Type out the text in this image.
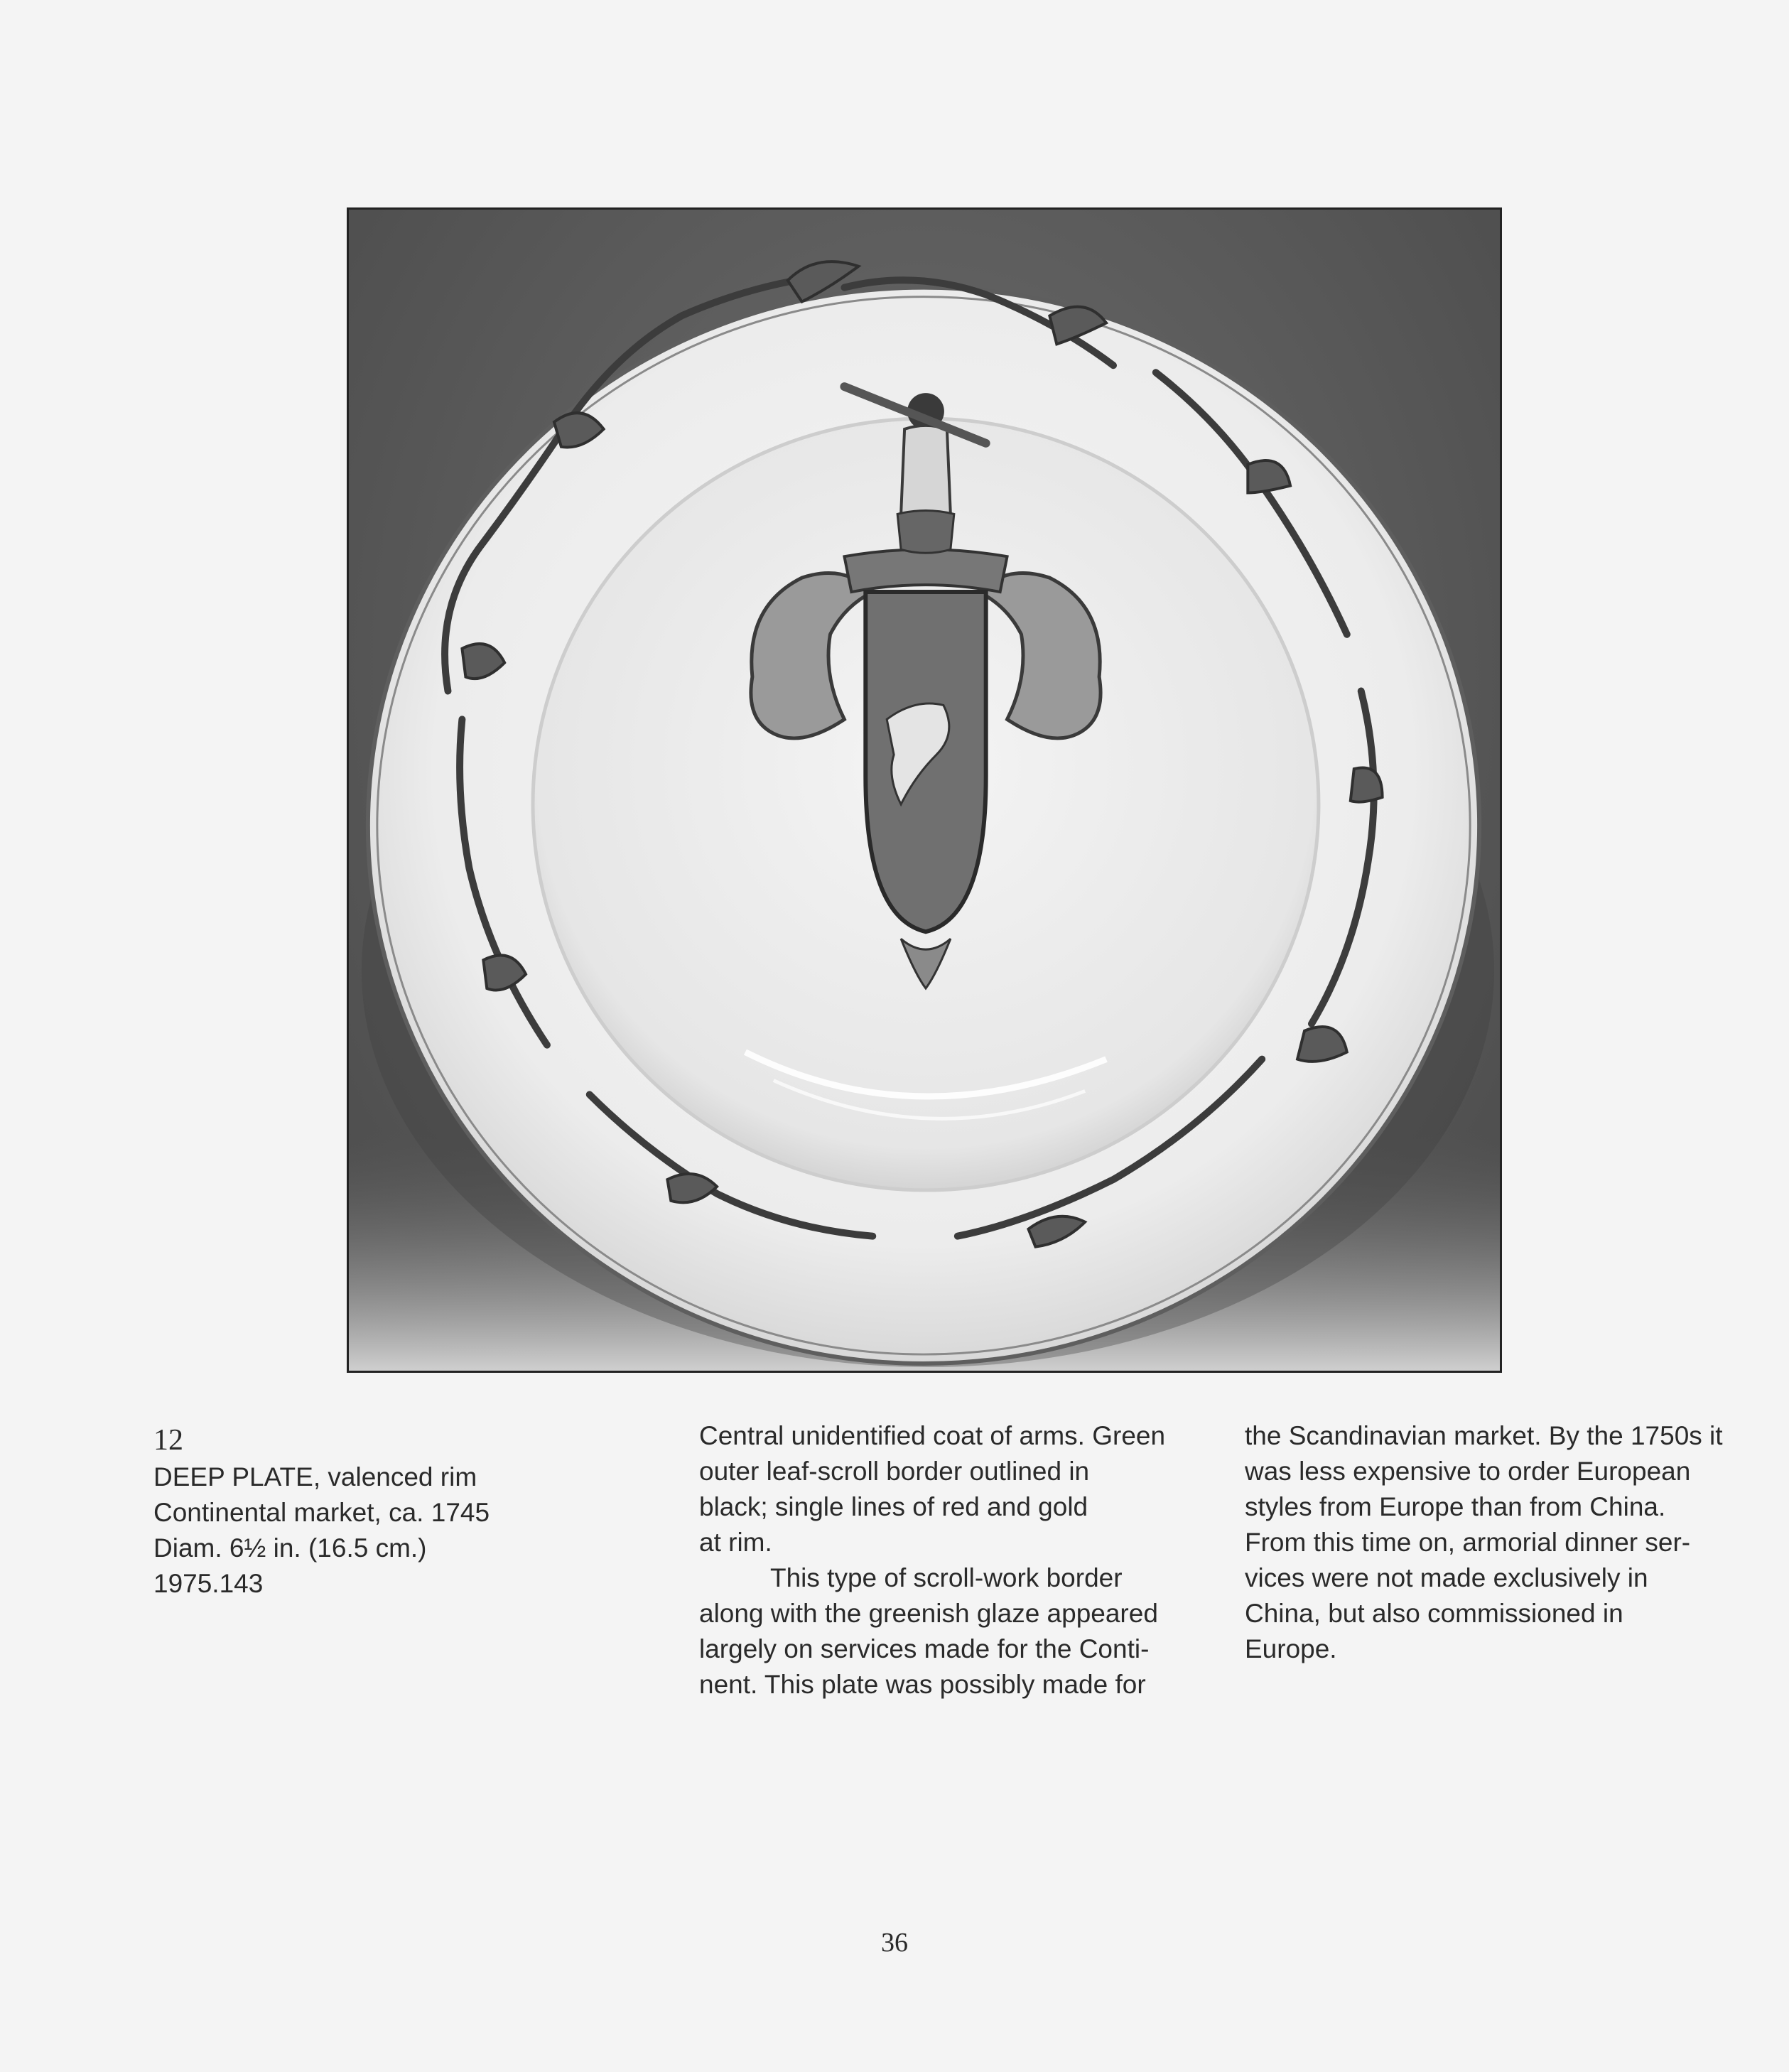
12
DEEP PLATE, valenced rim
Continental market, ca. 1745
Diam. 6½ in. (16.5 cm.)
1975.143
Central unidentified coat of arms. Green
outer leaf-scroll border outlined in
black; single lines of red and gold
at rim.
This type of scroll-work border
along with the greenish glaze appeared
largely on services made for the Conti-
nent. This plate was possibly made for
the Scandinavian market. By the 1750s it
was less expensive to order European
styles from Europe than from China.
From this time on, armorial dinner ser-
vices were not made exclusively in
China, but also commissioned in
Europe.
36
